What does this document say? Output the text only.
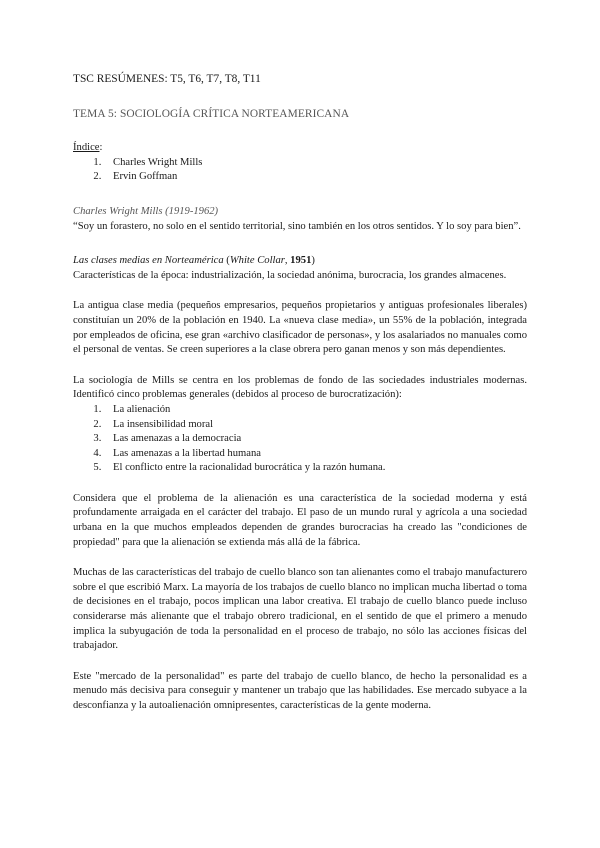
TSC RESÚMENES: T5, T6, T7, T8, T11
TEMA 5: SOCIOLOGÍA CRÍTICA NORTEAMERICANA

Índice:

1. Charles Wright Mills
2. Ervin Goffman

Charles Wright Mills (1919-1962)

“Soy un forastero, no solo en el sentido territorial, sino también en los otros sentidos. Y lo soy para bien”.

Las clases medias en Norteamérica (White Collar, 1951)

Características de la época: industrialización, la sociedad anónima, burocracia, los grandes almacenes.

La antigua clase media (pequeños empresarios, pequeños propietarios y antiguas profesionales liberales) constituían un 20% de la población en 1940. La «nueva clase media», un 55% de la población, integrada por empleados de oficina, ese gran «archivo clasificador de personas», y los asalariados no manuales como el personal de ventas. Se creen superiores a la clase obrera pero ganan menos y son más dependientes.

La sociología de Mills se centra en los problemas de fondo de las sociedades industriales modernas. Identificó cinco problemas generales (debidos al proceso de burocratización):

1. La alienación
2. La insensibilidad moral
3. Las amenazas a la democracia
4. Las amenazas a la libertad humana
5. El conflicto entre la racionalidad burocrática y la razón humana.

Considera que el problema de la alienación es una característica de la sociedad moderna y está profundamente arraigada en el carácter del trabajo. El paso de un mundo rural y agrícola a una sociedad urbana en la que muchos empleados dependen de grandes burocracias ha creado las "condiciones de propiedad" para que la alienación se extienda más allá de la fábrica.

Muchas de las características del trabajo de cuello blanco son tan alienantes como el trabajo manufacturero sobre el que escribió Marx. La mayoría de los trabajos de cuello blanco no implican mucha libertad o toma de decisiones en el trabajo, pocos implican una labor creativa. El trabajo de cuello blanco puede incluso considerarse más alienante que el trabajo obrero tradicional, en el sentido de que el primero a menudo implica la subyugación de toda la personalidad en el proceso de trabajo, no sólo las acciones físicas del trabajador.

Este "mercado de la personalidad" es parte del trabajo de cuello blanco, de hecho la personalidad es a menudo más decisiva para conseguir y mantener un trabajo que las habilidades. Ese mercado subyace a la desconfianza y la autoalienación omnipresentes, características de la gente moderna.
